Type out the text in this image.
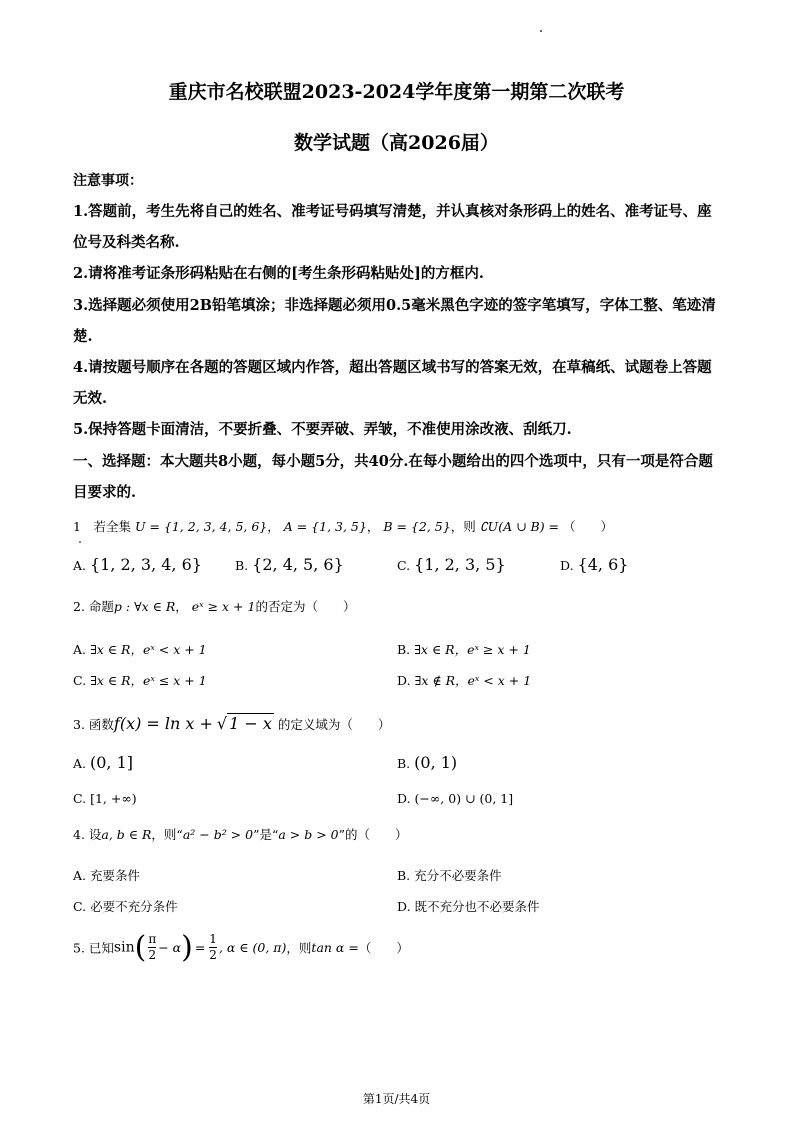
重庆市名校联盟2023-2024学年度第一期第二次联考
数学试题（高2026届）
注意事项：
1.答题前，考生先将自己的姓名、准考证号码填写清楚，并认真核对条形码上的姓名、准考证号、座位号及科类名称.
2.请将准考证条形码粘贴在右侧的[考生条形码粘贴处]的方框内.
3.选择题必须使用2B铅笔填涂；非选择题必须用0.5毫米黑色字迹的签字笔填写，字体工整、笔迹清楚.
4.请按题号顺序在各题的答题区域内作答，超出答题区域书写的答案无效，在草稿纸、试题卷上答题无效.
5.保持答题卡面清洁，不要折叠、不要弄破、弄皱，不准使用涂改液、刮纸刀.
一、选择题：本大题共8小题，每小题5分，共40分.在每小题给出的四个选项中，只有一项是符合题目要求的.
1　若全集 U = {1, 2, 3, 4, 5, 6}， A = {1, 3, 5}， B = {2, 5}，则 ∁U(A ∪ B) = （　　）
A. {1, 2, 3, 4, 6}	B. {2, 4, 5, 6}	C. {1, 2, 3, 5}	D. {4, 6}
2. 命题p : ∀x ∈ R， eˣ ≥ x + 1的否定为（　　）
A. ∃x ∈ R，eˣ < x + 1	B. ∃x ∈ R，eˣ ≥ x + 1
C. ∃x ∈ R，eˣ ≤ x + 1	D. ∃x ∉ R，eˣ < x + 1
3. 函数f(x) = ln x + √ 1 − x 的定义域为（　　）
A. (0, 1]	B. (0, 1)
C. [1, +∞)	D. (−∞, 0) ∪ (0, 1]
4. 设a, b ∈ R，则“a² − b² > 0”是“a > b > 0”的（　　）
A. 充要条件	B. 充分不必要条件
C. 必要不充分条件	D. 既不充分也不必要条件
5. 已知$\sin( \frac{\pi}{2} - \alpha) = \frac{1}{2}$ , α ∈ (0, π)，则tan α =（　　）
第1页/共4页
